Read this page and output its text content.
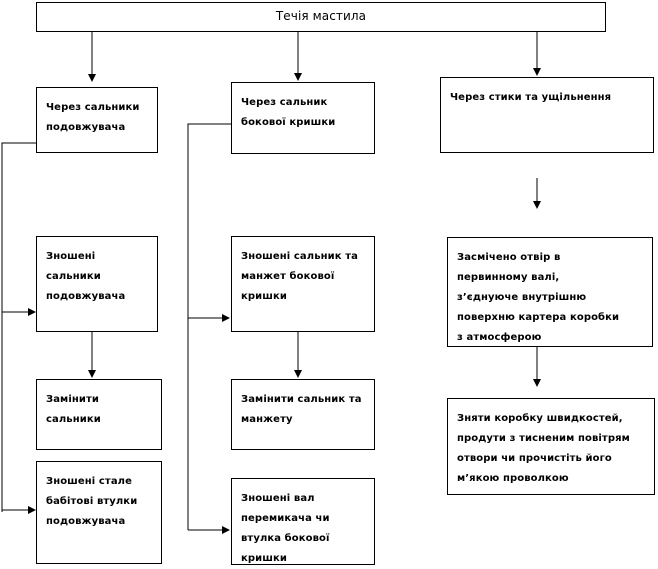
Течія мастила
Через сальники
подовжувача
Зношені
сальники
подовжувача
Замінити
сальники
Зношені стале
бабітові втулки
подовжувача
Через сальник
бокової кришки
Зношені сальник та
манжет бокової
кришки
Замінити сальник та
манжету
Зношені вал
перемикача чи
втулка бокової
кришки
Через стики та ущільнення
Засмічено отвір в
первинному валі,
з’єднуюче внутрішню
поверхню картера коробки
з атмосферою
Зняти коробку швидкостей,
продути з тисненим повітрям
отвори чи прочистіть його
м’якою проволкою
